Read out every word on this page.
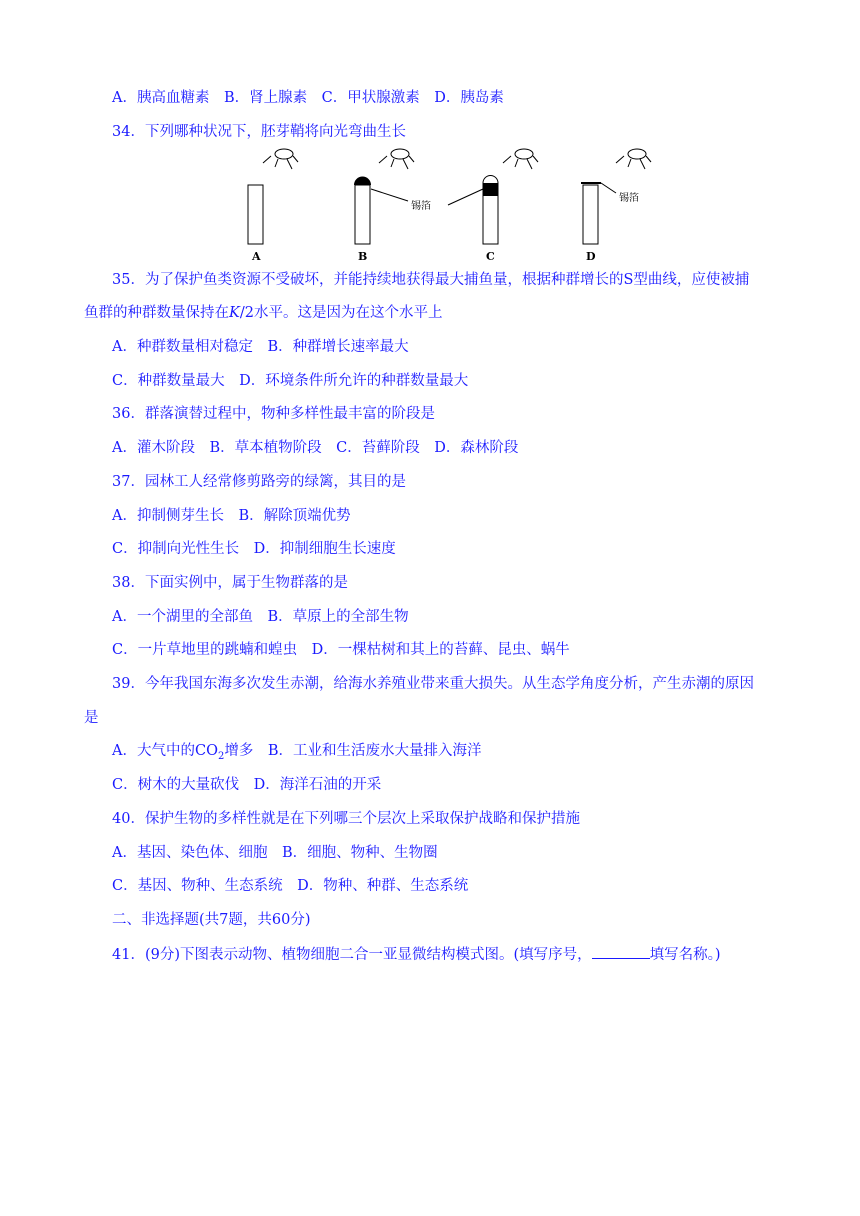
A．胰高血糖素　B．肾上腺素　C．甲状腺激素　D．胰岛素
34．下列哪种状况下，胚芽鞘将向光弯曲生长
A
锡箔
B	C
锡箔
D
35．为了保护鱼类资源不受破坏，并能持续地获得最大捕鱼量，根据种群增长的S型曲线，应使被捕
鱼群的种群数量保持在K/2水平。这是因为在这个水平上
A．种群数量相对稳定　B．种群增长速率最大
C．种群数量最大　D．环境条件所允许的种群数量最大
36．群落演替过程中，物种多样性最丰富的阶段是
A．灌木阶段　B．草本植物阶段　C．苔藓阶段　D．森林阶段
37．园林工人经常修剪路旁的绿篱，其目的是
A．抑制侧芽生长　B．解除顶端优势
C．抑制向光性生长　D．抑制细胞生长速度
38．下面实例中，属于生物群落的是
A．一个湖里的全部鱼　B．草原上的全部生物
C．一片草地里的跳蝻和蝗虫　D．一棵枯树和其上的苔藓、昆虫、蜗牛
39．今年我国东海多次发生赤潮，给海水养殖业带来重大损失。从生态学角度分析，产生赤潮的原因
是
A．大气中的$CO_2$增多　B．工业和生活废水大量排入海洋
C．树木的大量砍伐　D．海洋石油的开采
40．保护生物的多样性就是在下列哪三个层次上采取保护战略和保护措施
A．基因、染色体、细胞　B．细胞、物种、生物圈
C．基因、物种、生态系统　D．物种、种群、生态系统
二、非选择题(共7题，共60分)
41．(9分)下图表示动物、植物细胞二合一亚显微结构模式图。(填写序号，	填写名称。)
